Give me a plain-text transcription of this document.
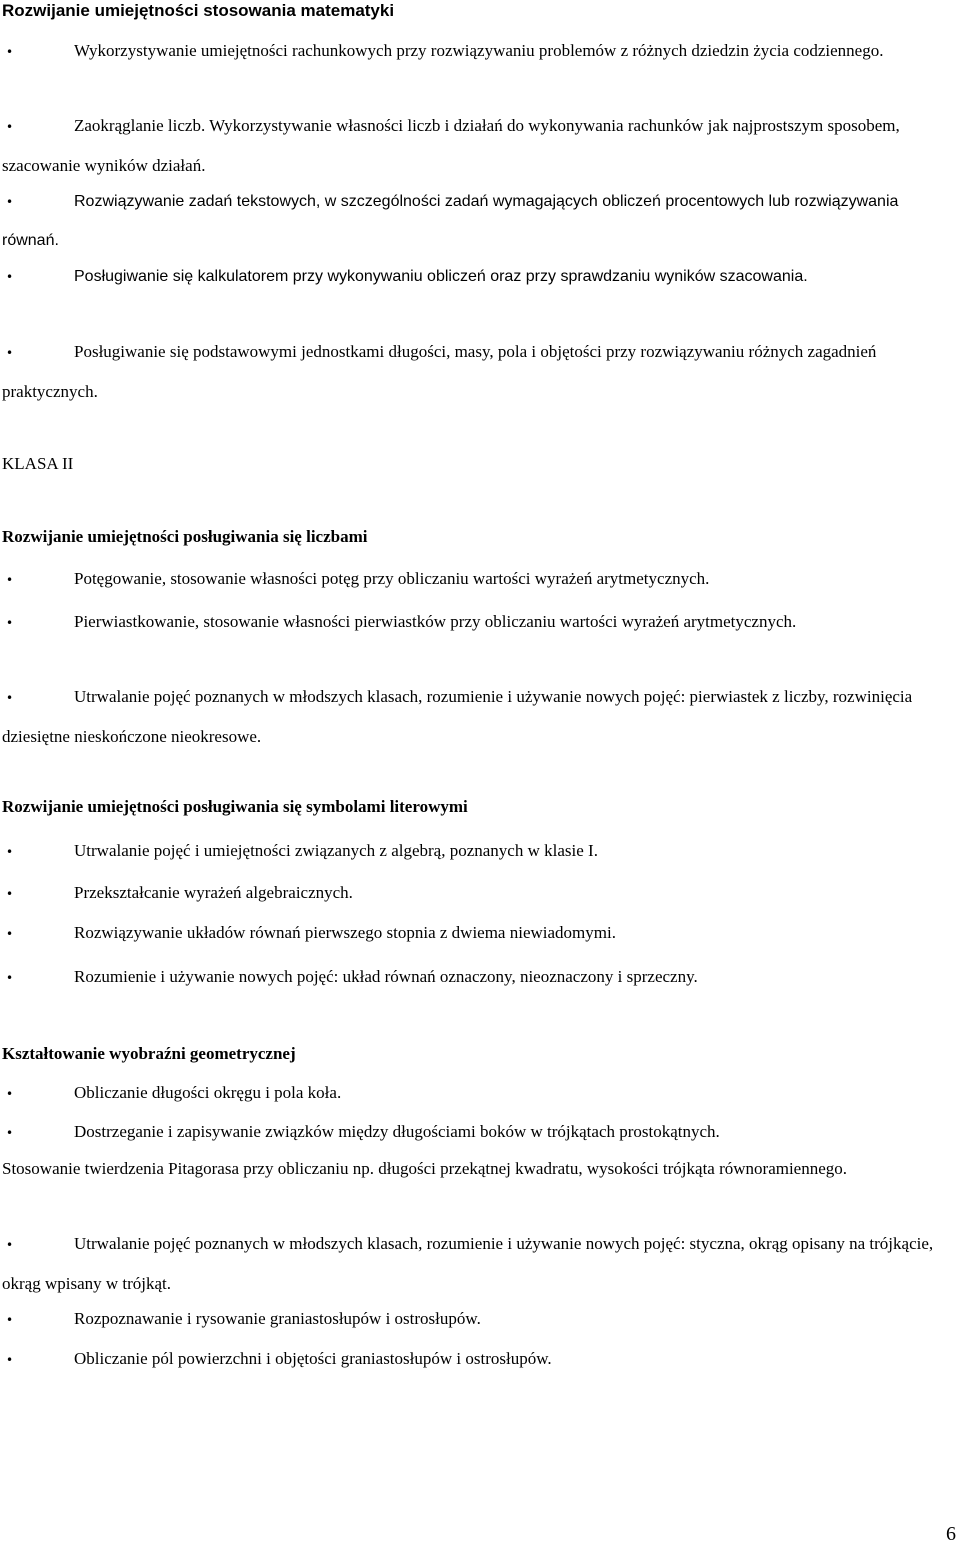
Rozwijanie umiejętności stosowania matematyki
•Wykorzystywanie umiejętności rachunkowych przy rozwiązywaniu problemów z różnych dziedzin życia codziennego.
•Zaokrąglanie liczb. Wykorzystywanie własności liczb i działań do wykonywania rachunków jak najprostszym sposobem, szacowanie wyników działań.
•Rozwiązywanie zadań tekstowych, w szczególności zadań wymagających obliczeń procentowych lub rozwiązywania równań.
•Posługiwanie się kalkulatorem przy wykonywaniu obliczeń oraz przy sprawdzaniu wyników szacowania.
•Posługiwanie się podstawowymi jednostkami długości, masy, pola i objętości przy rozwiązywaniu różnych zagadnień praktycznych.
KLASA II
Rozwijanie umiejętności posługiwania się liczbami
•Potęgowanie, stosowanie własności potęg przy obliczaniu wartości wyrażeń arytmetycznych.
•Pierwiastkowanie, stosowanie własności pierwiastków przy obliczaniu wartości wyrażeń arytmetycznych.
•Utrwalanie pojęć poznanych w młodszych klasach, rozumienie i używanie nowych pojęć: pierwiastek z liczby, rozwinięcia dziesiętne nieskończone nieokresowe.
Rozwijanie umiejętności posługiwania się symbolami literowymi
•Utrwalanie pojęć i umiejętności związanych z algebrą, poznanych w klasie I.
•Przekształcanie wyrażeń algebraicznych.
•Rozwiązywanie układów równań pierwszego stopnia z dwiema niewiadomymi.
•Rozumienie i używanie nowych pojęć: układ równań oznaczony, nieoznaczony i sprzeczny.
Kształtowanie wyobraźni geometrycznej
•Obliczanie długości okręgu i pola koła.
•Dostrzeganie i zapisywanie związków między długościami boków w trójkątach prostokątnych.
Stosowanie twierdzenia Pitagorasa przy obliczaniu np. długości przekątnej kwadratu, wysokości trójkąta równoramiennego.
•Utrwalanie pojęć poznanych w młodszych klasach, rozumienie i używanie nowych pojęć: styczna, okrąg opisany na trójkącie, okrąg wpisany w trójkąt.
•Rozpoznawanie i rysowanie graniastosłupów i ostrosłupów.
•Obliczanie pól powierzchni i objętości graniastosłupów i ostrosłupów.
6
